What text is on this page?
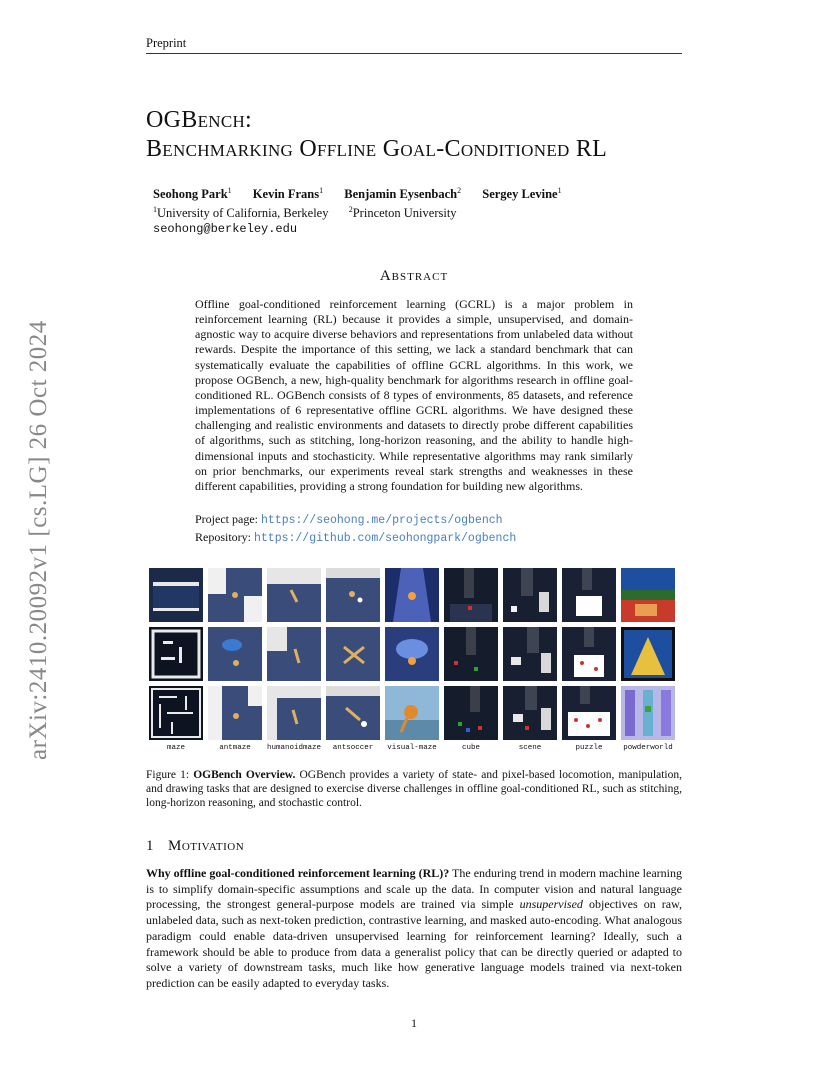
Preprint
OGBench:
Benchmarking Offline Goal-Conditioned RL
arXiv:2410.20092v1 [cs.LG] 26 Oct 2024
Seohong Park$^1$ Kevin Frans$^1$ Benjamin Eysenbach$^2$ Sergey Levine$^1$
$^1$University of California, Berkeley	$^2$Princeton University
seohong@berkeley.edu
Abstract
Offline goal-conditioned reinforcement learning (GCRL) is a major problem in reinforcement learning (RL) because it provides a simple, unsupervised, and domain-agnostic way to acquire diverse behaviors and representations from unlabeled data without rewards. Despite the importance of this setting, we lack a standard benchmark that can systematically evaluate the capabilities of offline GCRL algorithms. In this work, we propose OGBench, a new, high-quality benchmark for algorithms research in offline goal-conditioned RL. OGBench consists of 8 types of environments, 85 datasets, and reference implementations of 6 representative offline GCRL algorithms. We have designed these challenging and realistic environments and datasets to directly probe different capabilities of algorithms, such as stitching, long-horizon reasoning, and the ability to handle high-dimensional inputs and stochasticity. While representative algorithms may rank similarly on prior benchmarks, our experiments reveal stark strengths and weaknesses in these different capabilities, providing a strong foundation for building new algorithms.
Project page: https://seohong.me/projects/ogbench
Repository: https://github.com/seohongpark/ogbench
maze	antmaze	humanoidmaze	antsoccer	visual-maze	cube	scene	puzzle	powderworld
Figure 1: OGBench Overview. OGBench provides a variety of state- and pixel-based locomotion, manipulation, and drawing tasks that are designed to exercise diverse challenges in offline goal-conditioned RL, such as stitching, long-horizon reasoning, and stochastic control.
1 Motivation
Why offline goal-conditioned reinforcement learning (RL)? The enduring trend in modern machine learning is to simplify domain-specific assumptions and scale up the data. In computer vision and natural language processing, the strongest general-purpose models are trained via simple unsupervised objectives on raw, unlabeled data, such as next-token prediction, contrastive learning, and masked auto-encoding. What analogous paradigm could enable data-driven unsupervised learning for reinforcement learning? Ideally, such a framework should be able to produce from data a generalist policy that can be directly queried or adapted to solve a variety of downstream tasks, much like how generative language models trained via next-token prediction can be easily adapted to everyday tasks.
1
